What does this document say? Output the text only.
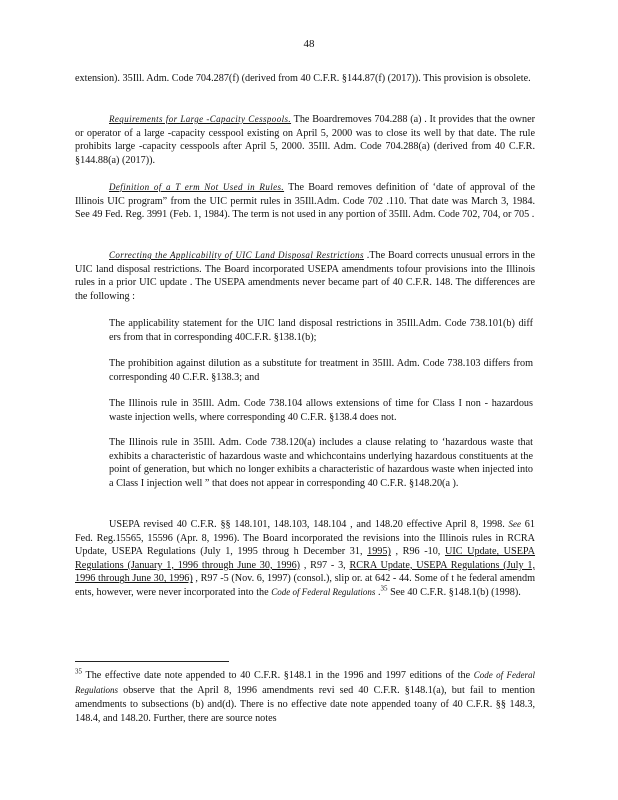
48
extension). 35Ill. Adm. Code 704.287(f) (derived from 40 C.F.R. §144.87(f) (2017)). This provision is obsolete.
Requirements for Large -Capacity Cesspools. The Boardremoves 704.288 (a) . It provides that the owner or operator of a large -capacity cesspool existing on April 5, 2000 was to close its well by that date. The rule prohibits large -capacity cesspools after April 5, 2000. 35Ill. Adm. Code 704.288(a) (derived from 40 C.F.R. §144.88(a) (2017)).
Definition of a T erm Not Used in Rules. The Board removes definition of ‘date of approval of the Illinois UIC program” from the UIC permit rules in 35Ill.Adm. Code 702 .110. That date was March 3, 1984. See 49 Fed. Reg. 3991 (Feb. 1, 1984). The term is not used in any portion of 35Ill. Adm. Code 702, 704, or 705 .
Correcting the Applicability of UIC Land Disposal Restrictions .The Board corrects unusual errors in the UIC land disposal restrictions. The Board incorporated USEPA amendments tofour provisions into the Illinois rules in a prior UIC update . The USEPA amendments never became part of 40 C.F.R. 148. The differences are the following :
The applicability statement for the UIC land disposal restrictions in 35Ill.Adm. Code 738.101(b) diff ers from that in corresponding 40C.F.R. §138.1(b);
The prohibition against dilution as a substitute for treatment in 35Ill. Adm. Code 738.103 differs from corresponding 40 C.F.R. §138.3; and
The Illinois rule in 35Ill. Adm. Code 738.104 allows extensions of time for Class I non - hazardous waste injection wells, where corresponding 40 C.F.R. §138.4 does not.
The Illinois rule in 35Ill. Adm. Code 738.120(a) includes a clause relating to ‘hazardous waste that exhibits a characteristic of hazardous waste and whichcontains underlying hazardous constituents at the point of generation, but which no longer exhibits a characteristic of hazardous waste when injected into a Class I injection well ” that does not appear in corresponding 40 C.F.R. §148.20(a ).
USEPA revised 40 C.F.R. §§ 148.101, 148.103, 148.104 , and 148.20 effective April 8, 1998. See 61 Fed. Reg.15565, 15596 (Apr. 8, 1996). The Board incorporated the revisions into the Illinois rules in RCRA Update, USEPA Regulations (July 1, 1995 throug h December 31, 1995) , R96 -10, UIC Update, USEPA Regulations (January 1, 1996 through June 30, 1996) , R97 - 3, RCRA Update, USEPA Regulations (July 1, 1996 through June 30, 1996) , R97 -5 (Nov. 6, 1997) (consol.), slip or. at 642 - 44. Some of t he federal amendm ents, however, were never incorporated into the Code of Federal Regulations .$^{35}$ See 40 C.F.R. §148.1(b) (1998).
$^{35}$ The effective date note appended to 40 C.F.R. §148.1 in the 1996 and 1997 editions of the Code of Federal Regulations observe that the April 8, 1996 amendments revi sed 40 C.F.R. §148.1(a), but fail to mention amendments to subsections (b) and(d). There is no effective date note appended toany of 40 C.F.R. §§ 148.3, 148.4, and 148.20. Further, there are source notes
